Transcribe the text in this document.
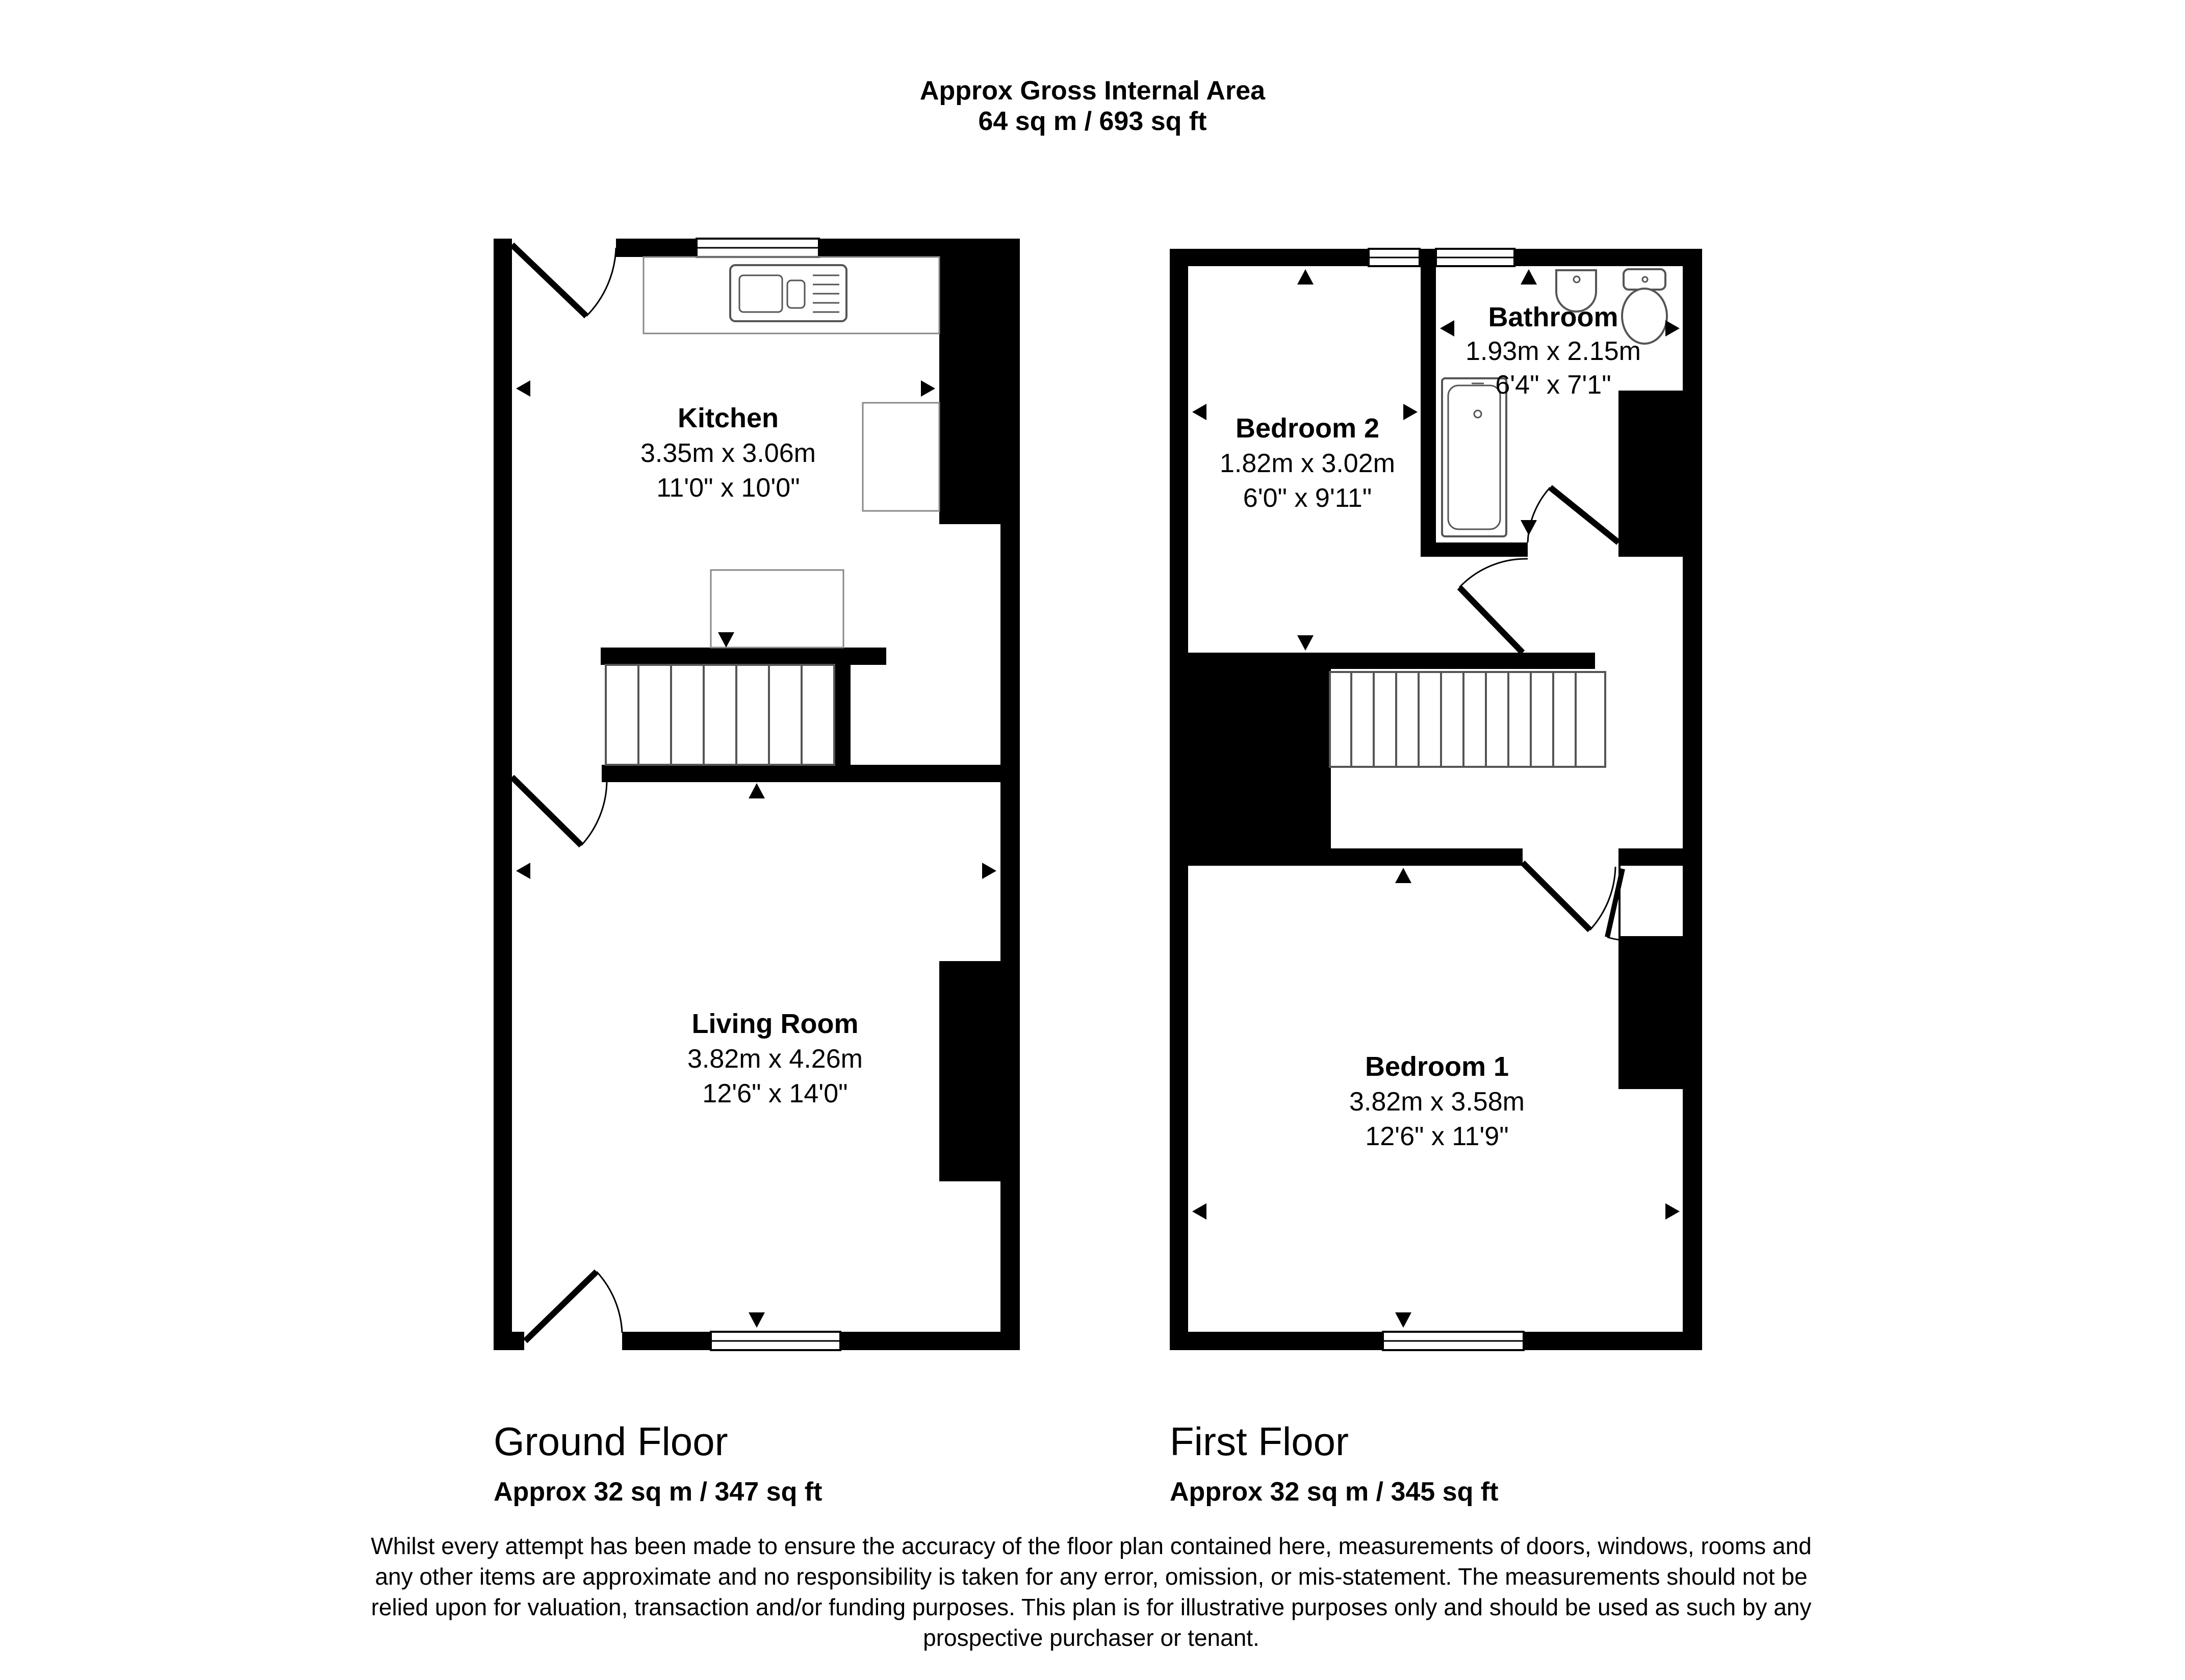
Approx Gross Internal Area
64 sq m / 693 sq ft
Kitchen
3.35m x 3.06m
11'0" x 10'0"
Living Room
3.82m x 4.26m
12'6" x 14'0"
Bedroom 2
1.82m x 3.02m
6'0" x 9'11"
Bathroom
1.93m x 2.15m
6'4" x 7'1"
Bedroom 1
3.82m x 3.58m
12'6" x 11'9"
Ground Floor
Approx 32 sq m / 347 sq ft
First Floor
Approx 32 sq m / 345 sq ft
Whilst every attempt has been made to ensure the accuracy of the floor plan contained here, measurements of doors, windows, rooms and
any other items are approximate and no responsibility is taken for any error, omission, or mis-statement. The measurements should not be
relied upon for valuation, transaction and/or funding purposes. This plan is for illustrative purposes only and should be used as such by any
prospective purchaser or tenant.
